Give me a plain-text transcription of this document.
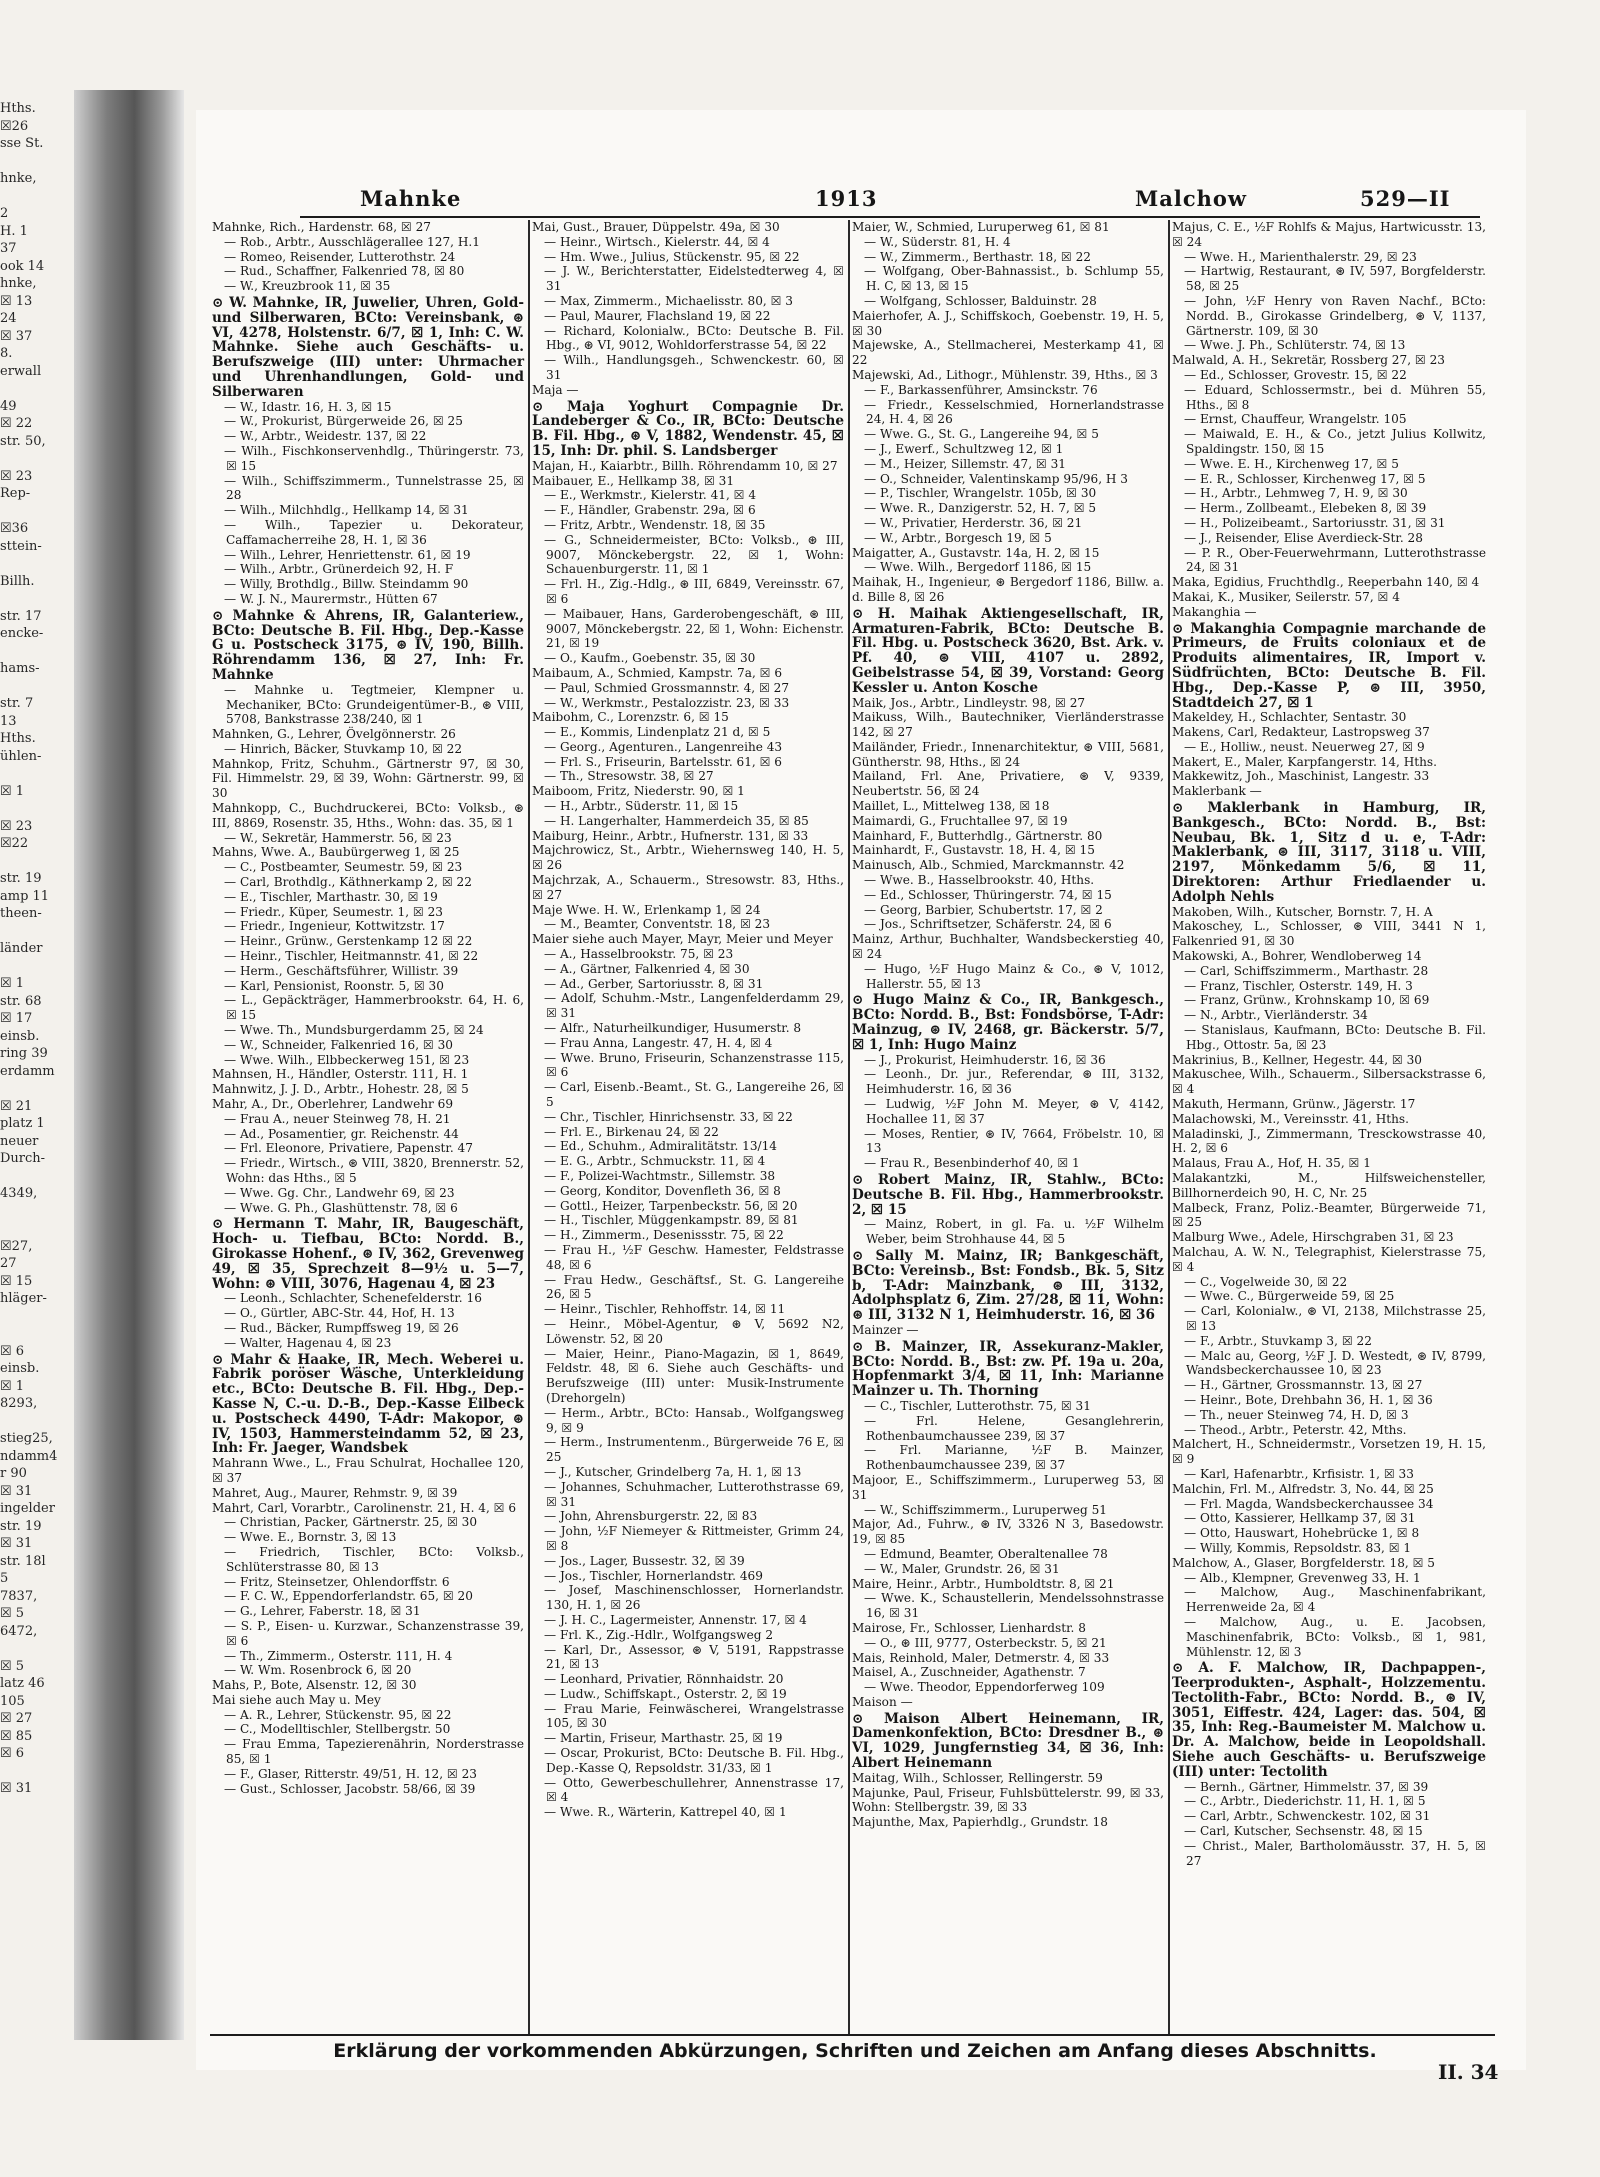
Hths.
☒26
sse St.

hnke,

2
H. 1
37
ook 14
hnke,
☒ 13
24
☒ 37
8.
erwall

49
☒ 22
str. 50,

☒ 23
Rep-

☒36
sttein-

Billh.

str. 17
encke-

hams-

str. 7
13
Hths.
ühlen-

☒ 1

☒ 23
☒22

str. 19
amp 11
theen-

länder

☒ 1
str. 68
☒ 17
einsb.
ring 39
erdamm

☒ 21
platz 1
neuer
Durch-

4349,

☒27,
27
☒ 15
hläger-

☒ 6
einsb.
☒ 1
8293,

stieg25,
ndamm4
r 90
☒ 31
ingelder
str. 19
☒ 31
str. 18l
5
7837,
☒ 5
6472,

☒ 5
latz 46
105
☒ 27
☒ 85
☒ 6

☒ 31
Mahnke	1913	Malchow	529—II
Mahnke, Rich., Hardenstr. 68, ☒ 27
— Rob., Arbtr., Ausschlägerallee 127, H.1
— Romeo, Reisender, Lutterothstr. 24
— Rud., Schaffner, Falkenried 78, ☒ 80
— W., Kreuzbrook 11, ☒ 35
⊙ W. Mahnke, IR, Juwelier, Uhren, Gold- und Silberwaren, BCto: Vereinsbank, ⊛ VI, 4278, Holstenstr. 6/7, ☒ 1, Inh: C. W. Mahnke. Siehe auch Geschäfts- u. Berufszweige (III) unter: Uhrmacher und Uhrenhandlungen, Gold- und Silberwaren
— W., Idastr. 16, H. 3, ☒ 15
— W., Prokurist, Bürgerweide 26, ☒ 25
— W., Arbtr., Weidestr. 137, ☒ 22
— Wilh., Fischkonservenhdlg., Thüringerstr. 73, ☒ 15
— Wilh., Schiffszimmerm., Tunnelstrasse 25, ☒ 28
— Wilh., Milchhdlg., Hellkamp 14, ☒ 31
— Wilh., Tapezier u. Dekorateur, Caffamacherreihe 28, H. 1, ☒ 36
— Wilh., Lehrer, Henriettenstr. 61, ☒ 19
— Wilh., Arbtr., Grünerdeich 92, H. F
— Willy, Brothdlg., Billw. Steindamm 90
— W. J. N., Maurermstr., Hütten 67
⊙ Mahnke & Ahrens, IR, Galanteriew., BCto: Deutsche B. Fil. Hbg., Dep.-Kasse G u. Postscheck 3175, ⊛ IV, 190, Billh. Röhrendamm 136, ☒ 27, Inh: Fr. Mahnke
— Mahnke u. Tegtmeier, Klempner u. Mechaniker, BCto: Grundeigentümer-B., ⊛ VIII, 5708, Bankstrasse 238/240, ☒ 1
Mahnken, G., Lehrer, Övelgönnerstr. 26
— Hinrich, Bäcker, Stuvkamp 10, ☒ 22
Mahnkop, Fritz, Schuhm., Gärtnerstr 97, ☒ 30, Fil. Himmelstr. 29, ☒ 39, Wohn: Gärtnerstr. 99, ☒ 30
Mahnkopp, C., Buchdruckerei, BCto: Volksb., ⊛ III, 8869, Rosenstr. 35, Hths., Wohn: das. 35, ☒ 1
— W., Sekretär, Hammerstr. 56, ☒ 23
Mahns, Wwe. A., Baubürgerweg 1, ☒ 25
— C., Postbeamter, Seumestr. 59, ☒ 23
— Carl, Brothdlg., Käthnerkamp 2, ☒ 22
— E., Tischler, Marthastr. 30, ☒ 19
— Friedr., Küper, Seumestr. 1, ☒ 23
— Friedr., Ingenieur, Kottwitzstr. 17
— Heinr., Grünw., Gerstenkamp 12 ☒ 22
— Heinr., Tischler, Heitmannstr. 41, ☒ 22
— Herm., Geschäftsführer, Willistr. 39
— Karl, Pensionist, Roonstr. 5, ☒ 30
— L., Gepäckträger, Hammerbrookstr. 64, H. 6, ☒ 15
— Wwe. Th., Mundsburgerdamm 25, ☒ 24
— W., Schneider, Falkenried 16, ☒ 30
— Wwe. Wilh., Elbbeckerweg 151, ☒ 23
Mahnsen, H., Händler, Osterstr. 111, H. 1
Mahnwitz, J. J. D., Arbtr., Hohestr. 28, ☒ 5
Mahr, A., Dr., Oberlehrer, Landwehr 69
— Frau A., neuer Steinweg 78, H. 21
— Ad., Posamentier, gr. Reichenstr. 44
— Frl. Eleonore, Privatiere, Papenstr. 47
— Friedr., Wirtsch., ⊛ VIII, 3820, Brennerstr. 52, Wohn: das Hths., ☒ 5
— Wwe. Gg. Chr., Landwehr 69, ☒ 23
— Wwe. G. Ph., Glashüttenstr. 78, ☒ 6
⊙ Hermann T. Mahr, IR, Baugeschäft, Hoch- u. Tiefbau, BCto: Nordd. B., Girokasse Hohenf., ⊛ IV, 362, Grevenweg 49, ☒ 35, Sprechzeit 8—9½ u. 5—7, Wohn: ⊛ VIII, 3076, Hagenau 4, ☒ 23
— Leonh., Schlachter, Schenefelderstr. 16
— O., Gürtler, ABC-Str. 44, Hof, H. 13
— Rud., Bäcker, Rumpffsweg 19, ☒ 26
— Walter, Hagenau 4, ☒ 23
⊙ Mahr & Haake, IR, Mech. Weberei u. Fabrik poröser Wäsche, Unterkleidung etc., BCto: Deutsche B. Fil. Hbg., Dep.-Kasse N, C.-u. D.-B., Dep.-Kasse Eilbeck u. Postscheck 4490, T-Adr: Makopor, ⊛ IV, 1503, Hammersteindamm 52, ☒ 23, Inh: Fr. Jaeger, Wandsbek
Mahrann Wwe., L., Frau Schulrat, Hochallee 120, ☒ 37
Mahret, Aug., Maurer, Rehmstr. 9, ☒ 39
Mahrt, Carl, Vorarbtr., Carolinenstr. 21, H. 4, ☒ 6
— Christian, Packer, Gärtnerstr. 25, ☒ 30
— Wwe. E., Bornstr. 3, ☒ 13
— Friedrich, Tischler, BCto: Volksb., Schlüterstrasse 80, ☒ 13
— Fritz, Steinsetzer, Ohlendorffstr. 6
— F. C. W., Eppendorferlandstr. 65, ☒ 20
— G., Lehrer, Faberstr. 18, ☒ 31
— S. P., Eisen- u. Kurzwar., Schanzenstrasse 39, ☒ 6
— Th., Zimmerm., Osterstr. 111, H. 4
— W. Wm. Rosenbrock 6, ☒ 20
Mahs, P., Bote, Alsenstr. 12, ☒ 30
Mai siehe auch May u. Mey
— A. R., Lehrer, Stückenstr. 95, ☒ 22
— C., Modelltischler, Stellbergstr. 50
— Frau Emma, Tapezierenährin, Norderstrasse 85, ☒ 1
— F., Glaser, Ritterstr. 49/51, H. 12, ☒ 23
— Gust., Schlosser, Jacobstr. 58/66, ☒ 39
Mai, Gust., Brauer, Düppelstr. 49a, ☒ 30
— Heinr., Wirtsch., Kielerstr. 44, ☒ 4
— Hm. Wwe., Julius, Stückenstr. 95, ☒ 22
— J. W., Berichterstatter, Eidelstedterweg 4, ☒ 31
— Max, Zimmerm., Michaelisstr. 80, ☒ 3
— Paul, Maurer, Flachsland 19, ☒ 22
— Richard, Kolonialw., BCto: Deutsche B. Fil. Hbg., ⊛ VI, 9012, Wohldorferstrasse 54, ☒ 22
— Wilh., Handlungsgeh., Schwenckestr. 60, ☒ 31
Maja —
⊙ Maja Yoghurt Compagnie Dr. Landeberger & Co., IR, BCto: Deutsche B. Fil. Hbg., ⊛ V, 1882, Wendenstr. 45, ☒ 15, Inh: Dr. phil. S. Landsberger
Majan, H., Kaiarbtr., Billh. Röhrendamm 10, ☒ 27
Maibauer, E., Hellkamp 38, ☒ 31
— E., Werkmstr., Kielerstr. 41, ☒ 4
— F., Händler, Grabenstr. 29a, ☒ 6
— Fritz, Arbtr., Wendenstr. 18, ☒ 35
— G., Schneidermeister, BCto: Volksb., ⊛ III, 9007, Mönckebergstr. 22, ☒ 1, Wohn: Schauenburgerstr. 11, ☒ 1
— Frl. H., Zig.-Hdlg., ⊛ III, 6849, Vereinsstr. 67, ☒ 6
— Maibauer, Hans, Garderobengeschäft, ⊛ III, 9007, Mönckebergstr. 22, ☒ 1, Wohn: Eichenstr. 21, ☒ 19
— O., Kaufm., Goebenstr. 35, ☒ 30
Maibaum, A., Schmied, Kampstr. 7a, ☒ 6
— Paul, Schmied Grossmannstr. 4, ☒ 27
— W., Werkmstr., Pestalozzistr. 23, ☒ 33
Maibohm, C., Lorenzstr. 6, ☒ 15
— E., Kommis, Lindenplatz 21 d, ☒ 5
— Georg., Agenturen., Langenreihe 43
— Frl. S., Friseurin, Bartelsstr. 61, ☒ 6
— Th., Stresowstr. 38, ☒ 27
Maiboom, Fritz, Niederstr. 90, ☒ 1
— H., Arbtr., Süderstr. 11, ☒ 15
— H. Langerhalter, Hammerdeich 35, ☒ 85
Maiburg, Heinr., Arbtr., Hufnerstr. 131, ☒ 33
Majchrowicz, St., Arbtr., Wiehernsweg 140, H. 5, ☒ 26
Majchrzak, A., Schauerm., Stresowstr. 83, Hths., ☒ 27
Maje Wwe. H. W., Erlenkamp 1, ☒ 24
— M., Beamter, Conventstr. 18, ☒ 23
Maier siehe auch Mayer, Mayr, Meier und Meyer
— A., Hasselbrookstr. 75, ☒ 23
— A., Gärtner, Falkenried 4, ☒ 30
— Ad., Gerber, Sartoriusstr. 8, ☒ 31
— Adolf, Schuhm.-Mstr., Langenfelderdamm 29, ☒ 31
— Alfr., Naturheilkundiger, Husumerstr. 8
— Frau Anna, Langestr. 47, H. 4, ☒ 4
— Wwe. Bruno, Friseurin, Schanzenstrasse 115, ☒ 6
— Carl, Eisenb.-Beamt., St. G., Langereihe 26, ☒ 5
— Chr., Tischler, Hinrichsenstr. 33, ☒ 22
— Frl. E., Birkenau 24, ☒ 22
— Ed., Schuhm., Admiralitätstr. 13/14
— E. G., Arbtr., Schmuckstr. 11, ☒ 4
— F., Polizei-Wachtmstr., Sillemstr. 38
— Georg, Konditor, Dovenfleth 36, ☒ 8
— Gottl., Heizer, Tarpenbeckstr. 56, ☒ 20
— H., Tischler, Müggenkampstr. 89, ☒ 81
— H., Zimmerm., Desenissstr. 75, ☒ 22
— Frau H., ½F Geschw. Hamester, Feldstrasse 48, ☒ 6
— Frau Hedw., Geschäftsf., St. G. Langereihe 26, ☒ 5
— Heinr., Tischler, Rehhoffstr. 14, ☒ 11
— Heinr., Möbel-Agentur, ⊛ V, 5692 N2, Löwenstr. 52, ☒ 20
— Maier, Heinr., Piano-Magazin, ☒ 1, 8649, Feldstr. 48, ☒ 6. Siehe auch Geschäfts- und Berufszweige (III) unter: Musik-Instrumente (Drehorgeln)
— Herm., Arbtr., BCto: Hansab., Wolfgangsweg 9, ☒ 9
— Herm., Instrumentenm., Bürgerweide 76 E, ☒ 25
— J., Kutscher, Grindelberg 7a, H. 1, ☒ 13
— Johannes, Schuhmacher, Lutterothstrasse 69, ☒ 31
— John, Ahrensburgerstr. 22, ☒ 83
— John, ½F Niemeyer & Rittmeister, Grimm 24, ☒ 8
— Jos., Lager, Bussestr. 32, ☒ 39
— Jos., Tischler, Hornerlandstr. 469
— Josef, Maschinenschlosser, Hornerlandstr. 130, H. 1, ☒ 26
— J. H. C., Lagermeister, Annenstr. 17, ☒ 4
— Frl. K., Zig.-Hdlr., Wolfgangsweg 2
— Karl, Dr., Assessor, ⊛ V, 5191, Rappstrasse 21, ☒ 13
— Leonhard, Privatier, Rönnhaidstr. 20
— Ludw., Schiffskapt., Osterstr. 2, ☒ 19
— Frau Marie, Feinwäscherei, Wrangelstrasse 105, ☒ 30
— Martin, Friseur, Marthastr. 25, ☒ 19
— Oscar, Prokurist, BCto: Deutsche B. Fil. Hbg., Dep.-Kasse Q, Repsoldstr. 31/33, ☒ 1
— Otto, Gewerbeschullehrer, Annenstrasse 17, ☒ 4
— Wwe. R., Wärterin, Kattrepel 40, ☒ 1
Maier, W., Schmied, Luruperweg 61, ☒ 81
— W., Süderstr. 81, H. 4
— W., Zimmerm., Berthastr. 18, ☒ 22
— Wolfgang, Ober-Bahnassist., b. Schlump 55, H. C, ☒ 13, ☒ 15
— Wolfgang, Schlosser, Balduinstr. 28
Maierhofer, A. J., Schiffskoch, Goebenstr. 19, H. 5, ☒ 30
Majewske, A., Stellmacherei, Mesterkamp 41, ☒ 22
Majewski, Ad., Lithogr., Mühlenstr. 39, Hths., ☒ 3
— F., Barkassenführer, Amsinckstr. 76
— Friedr., Kesselschmied, Hornerlandstrasse 24, H. 4, ☒ 26
— Wwe. G., St. G., Langereihe 94, ☒ 5
— J., Ewerf., Schultzweg 12, ☒ 1
— M., Heizer, Sillemstr. 47, ☒ 31
— O., Schneider, Valentinskamp 95/96, H 3
— P., Tischler, Wrangelstr. 105b, ☒ 30
— Wwe. R., Danzigerstr. 52, H. 7, ☒ 5
— W., Privatier, Herderstr. 36, ☒ 21
— W., Arbtr., Borgesch 19, ☒ 5
Maigatter, A., Gustavstr. 14a, H. 2, ☒ 15
— Wwe. Wilh., Bergedorf 1186, ☒ 15
Maihak, H., Ingenieur, ⊛ Bergedorf 1186, Billw. a. d. Bille 8, ☒ 26
⊙ H. Maihak Aktiengesellschaft, IR, Armaturen-Fabrik, BCto: Deutsche B. Fil. Hbg. u. Postscheck 3620, Bst. Ark. v. Pf. 40, ⊛ VIII, 4107 u. 2892, Geibelstrasse 54, ☒ 39, Vorstand: Georg Kessler u. Anton Kosche
Maik, Jos., Arbtr., Lindleystr. 98, ☒ 27
Maikuss, Wilh., Bautechniker, Vierländerstrasse 142, ☒ 27
Mailänder, Friedr., Innenarchitektur, ⊛ VIII, 5681, Güntherstr. 98, Hths., ☒ 24
Mailand, Frl. Ane, Privatiere, ⊛ V, 9339, Neubertstr. 56, ☒ 24
Maillet, L., Mittelweg 138, ☒ 18
Maimardi, G., Fruchtallee 97, ☒ 19
Mainhard, F., Butterhdlg., Gärtnerstr. 80
Mainhardt, F., Gustavstr. 18, H. 4, ☒ 15
Mainusch, Alb., Schmied, Marckmannstr. 42
— Wwe. B., Hasselbrookstr. 40, Hths.
— Ed., Schlosser, Thüringerstr. 74, ☒ 15
— Georg, Barbier, Schubertstr. 17, ☒ 2
— Jos., Schriftsetzer, Schäferstr. 24, ☒ 6
Mainz, Arthur, Buchhalter, Wandsbeckerstieg 40, ☒ 24
— Hugo, ½F Hugo Mainz & Co., ⊛ V, 1012, Hallerstr. 55, ☒ 13
⊙ Hugo Mainz & Co., IR, Bankgesch., BCto: Nordd. B., Bst: Fondsbörse, T-Adr: Mainzug, ⊛ IV, 2468, gr. Bäckerstr. 5/7, ☒ 1, Inh: Hugo Mainz
— J., Prokurist, Heimhuderstr. 16, ☒ 36
— Leonh., Dr. jur., Referendar, ⊛ III, 3132, Heimhuderstr. 16, ☒ 36
— Ludwig, ½F John M. Meyer, ⊛ V, 4142, Hochallee 11, ☒ 37
— Moses, Rentier, ⊛ IV, 7664, Fröbelstr. 10, ☒ 13
— Frau R., Besenbinderhof 40, ☒ 1
⊙ Robert Mainz, IR, Stahlw., BCto: Deutsche B. Fil. Hbg., Hammerbrookstr. 2, ☒ 15
— Mainz, Robert, in gl. Fa. u. ½F Wilhelm Weber, beim Strohhause 44, ☒ 5
⊙ Sally M. Mainz, IR; Bankgeschäft, BCto: Vereinsb., Bst: Fondsb., Bk. 5, Sitz b, T-Adr: Mainzbank, ⊛ III, 3132, Adolphsplatz 6, Zim. 27/28, ☒ 11, Wohn: ⊛ III, 3132 N 1, Heimhuderstr. 16, ☒ 36
Mainzer —
⊙ B. Mainzer, IR, Assekuranz-Makler, BCto: Nordd. B., Bst: zw. Pf. 19a u. 20a, Hopfenmarkt 3/4, ☒ 11, Inh: Marianne Mainzer u. Th. Thorning
— C., Tischler, Lutterothstr. 75, ☒ 31
— Frl. Helene, Gesanglehrerin, Rothenbaumchaussee 239, ☒ 37
— Frl. Marianne, ½F B. Mainzer, Rothenbaumchaussee 239, ☒ 37
Majoor, E., Schiffszimmerm., Luruperweg 53, ☒ 31
— W., Schiffszimmerm., Luruperweg 51
Major, Ad., Fuhrw., ⊛ IV, 3326 N 3, Basedowstr. 19, ☒ 85
— Edmund, Beamter, Oberaltenallee 78
— W., Maler, Grundstr. 26, ☒ 31
Maire, Heinr., Arbtr., Humboldtstr. 8, ☒ 21
— Wwe. K., Schaustellerin, Mendelssohnstrasse 16, ☒ 31
Mairose, Fr., Schlosser, Lienhardstr. 8
— O., ⊛ III, 9777, Osterbeckstr. 5, ☒ 21
Mais, Reinhold, Maler, Detmerstr. 4, ☒ 33
Maisel, A., Zuschneider, Agathenstr. 7
— Wwe. Theodor, Eppendorferweg 109
Maison —
⊙ Maison Albert Heinemann, IR, Damenkonfektion, BCto: Dresdner B., ⊛ VI, 1029, Jungfernstieg 34, ☒ 36, Inh: Albert Heinemann
Maitag, Wilh., Schlosser, Rellingerstr. 59
Majunke, Paul, Friseur, Fuhlsbüttelerstr. 99, ☒ 33, Wohn: Stellbergstr. 39, ☒ 33
Majunthe, Max, Papierhdlg., Grundstr. 18
Majus, C. E., ½F Rohlfs & Majus, Hartwicusstr. 13, ☒ 24
— Wwe. H., Marienthalerstr. 29, ☒ 23
— Hartwig, Restaurant, ⊛ IV, 597, Borgfelderstr. 58, ☒ 25
— John, ½F Henry von Raven Nachf., BCto: Nordd. B., Girokasse Grindelberg, ⊛ V, 1137, Gärtnerstr. 109, ☒ 30
— Wwe. J. Ph., Schlüterstr. 74, ☒ 13
Malwald, A. H., Sekretär, Rossberg 27, ☒ 23
— Ed., Schlosser, Grovestr. 15, ☒ 22
— Eduard, Schlossermstr., bei d. Mühren 55, Hths., ☒ 8
— Ernst, Chauffeur, Wrangelstr. 105
— Maiwald, E. H., & Co., jetzt Julius Kollwitz, Spaldingstr. 150, ☒ 15
— Wwe. E. H., Kirchenweg 17, ☒ 5
— E. R., Schlosser, Kirchenweg 17, ☒ 5
— H., Arbtr., Lehmweg 7, H. 9, ☒ 30
— Herm., Zollbeamt., Elebeken 8, ☒ 39
— H., Polizeibeamt., Sartoriusstr. 31, ☒ 31
— J., Reisender, Elise Averdieck-Str. 28
— P. R., Ober-Feuerwehrmann, Lutterothstrasse 24, ☒ 31
Maka, Egidius, Fruchthdlg., Reeperbahn 140, ☒ 4
Makai, K., Musiker, Seilerstr. 57, ☒ 4
Makanghia —
⊙ Makanghia Compagnie marchande de Primeurs, de Fruits coloniaux et de Produits alimentaires, IR, Import v. Südfrüchten, BCto: Deutsche B. Fil. Hbg., Dep.-Kasse P, ⊛ III, 3950, Stadtdeich 27, ☒ 1
Makeldey, H., Schlachter, Sentastr. 30
Makens, Carl, Redakteur, Lastropsweg 37
— E., Holliw., neust. Neuerweg 27, ☒ 9
Makert, E., Maler, Karpfangerstr. 14, Hths.
Makkewitz, Joh., Maschinist, Langestr. 33
Maklerbank —
⊙ Maklerbank in Hamburg, IR, Bankgesch., BCto: Nordd. B., Bst: Neubau, Bk. 1, Sitz d u. e, T-Adr: Maklerbank, ⊛ III, 3117, 3118 u. VIII, 2197, Mönkedamm 5/6, ☒ 11, Direktoren: Arthur Friedlaender u. Adolph Nehls
Makoben, Wilh., Kutscher, Bornstr. 7, H. A
Makoschey, L., Schlosser, ⊛ VIII, 3441 N 1, Falkenried 91, ☒ 30
Makowski, A., Bohrer, Wendloberweg 14
— Carl, Schiffszimmerm., Marthastr. 28
— Franz, Tischler, Osterstr. 149, H. 3
— Franz, Grünw., Krohnskamp 10, ☒ 69
— N., Arbtr., Vierländerstr. 34
— Stanislaus, Kaufmann, BCto: Deutsche B. Fil. Hbg., Ottostr. 5a, ☒ 23
Makrinius, B., Kellner, Hegestr. 44, ☒ 30
Makuschee, Wilh., Schauerm., Silbersackstrasse 6, ☒ 4
Makuth, Hermann, Grünw., Jägerstr. 17
Malachowski, M., Vereinsstr. 41, Hths.
Maladinski, J., Zimmermann, Tresckowstrasse 40, H. 2, ☒ 6
Malaus, Frau A., Hof, H. 35, ☒ 1
Malakantzki, M., Hilfsweichensteller, Billhornerdeich 90, H. C, Nr. 25
Malbeck, Franz, Poliz.-Beamter, Bürgerweide 71, ☒ 25
Malburg Wwe., Adele, Hirschgraben 31, ☒ 23
Malchau, A. W. N., Telegraphist, Kielerstrasse 75, ☒ 4
— C., Vogelweide 30, ☒ 22
— Wwe. C., Bürgerweide 59, ☒ 25
— Carl, Kolonialw., ⊛ VI, 2138, Milchstrasse 25, ☒ 13
— F., Arbtr., Stuvkamp 3, ☒ 22
— Malc au, Georg, ½F J. D. Westedt, ⊛ IV, 8799, Wandsbeckerchaussee 10, ☒ 23
— H., Gärtner, Grossmannstr. 13, ☒ 27
— Heinr., Bote, Drehbahn 36, H. 1, ☒ 36
— Th., neuer Steinweg 74, H. D, ☒ 3
— Theod., Arbtr., Peterstr. 42, Mths.
Malchert, H., Schneidermstr., Vorsetzen 19, H. 15, ☒ 9
— Karl, Hafenarbtr., Krfisistr. 1, ☒ 33
Malchin, Frl. M., Alfredstr. 3, No. 44, ☒ 25
— Frl. Magda, Wandsbeckerchaussee 34
— Otto, Kassierer, Hellkamp 37, ☒ 31
— Otto, Hauswart, Hohebrücke 1, ☒ 8
— Willy, Kommis, Repsoldstr. 83, ☒ 1
Malchow, A., Glaser, Borgfelderstr. 18, ☒ 5
— Alb., Klempner, Grevenweg 33, H. 1
— Malchow, Aug., Maschinenfabrikant, Herrenweide 2a, ☒ 4
— Malchow, Aug., u. E. Jacobsen, Maschinenfabrik, BCto: Volksb., ☒ 1, 981, Mühlenstr. 12, ☒ 3
⊙ A. F. Malchow, IR, Dachpappen-, Teerprodukten-, Asphalt-, Holzzementu. Tectolith-Fabr., BCto: Nordd. B., ⊛ IV, 3051, Eiffestr. 424, Lager: das. 504, ☒ 35, Inh: Reg.-Baumeister M. Malchow u. Dr. A. Malchow, beide in Leopoldshall. Siehe auch Geschäfts- u. Berufszweige (III) unter: Tectolith
— Bernh., Gärtner, Himmelstr. 37, ☒ 39
— C., Arbtr., Diederichstr. 11, H. 1, ☒ 5
— Carl, Arbtr., Schwenckestr. 102, ☒ 31
— Carl, Kutscher, Sechsenstr. 48, ☒ 15
— Christ., Maler, Bartholomäusstr. 37, H. 5, ☒ 27
Erklärung der vorkommenden Abkürzungen, Schriften und Zeichen am Anfang dieses Abschnitts.
II. 34
